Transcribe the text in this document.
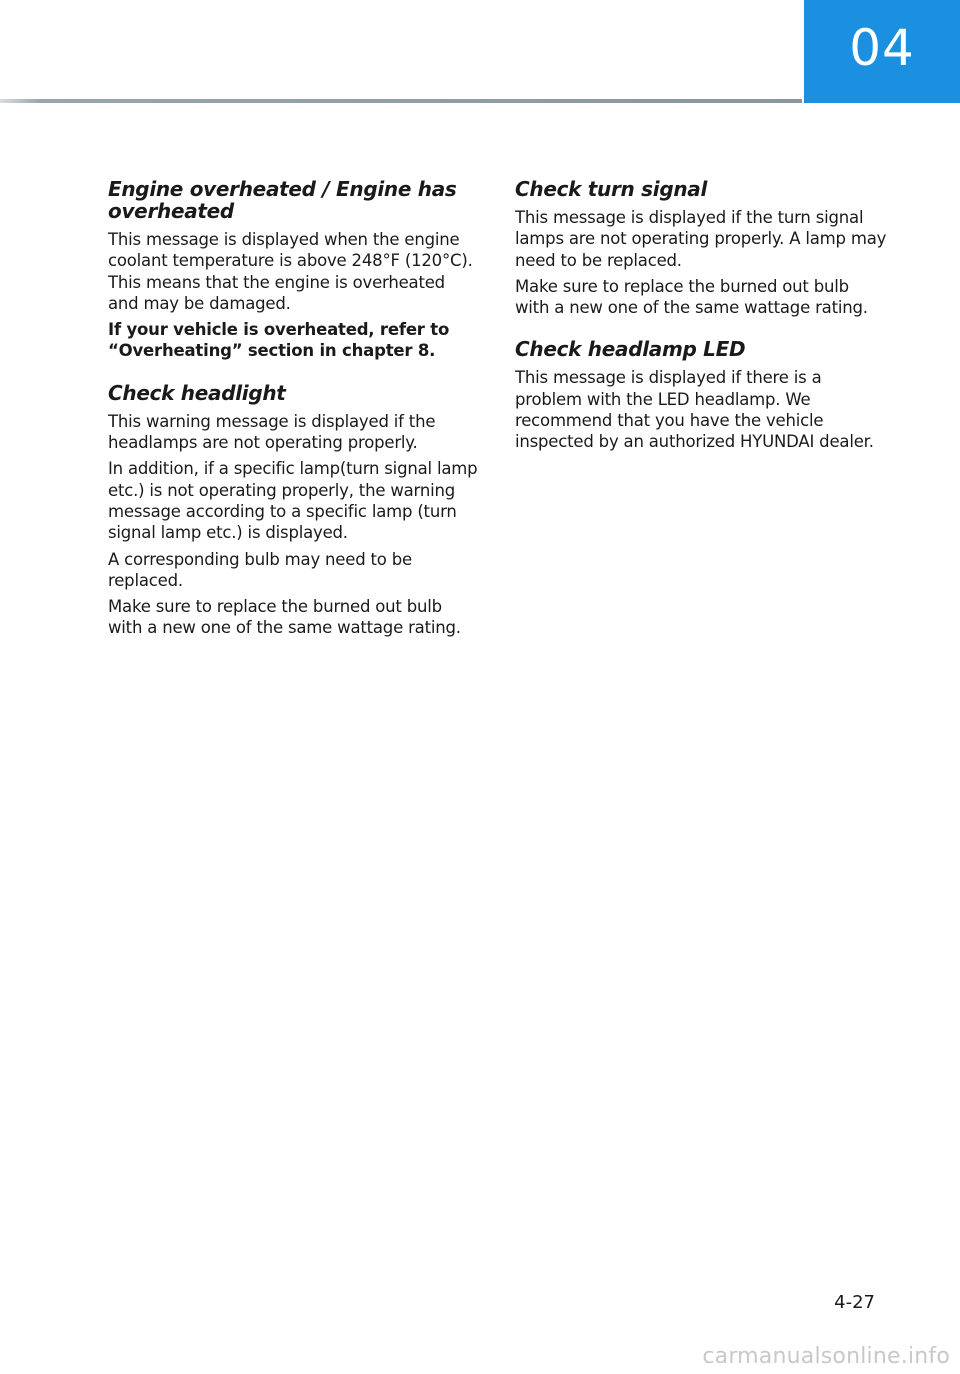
04
Engine overheated / Engine has overheated

This message is displayed when the engine coolant temperature is above 248°F (120°C). This means that the engine is overheated and may be damaged.

If your vehicle is overheated, refer to “Overheating” section in chapter 8.

Check headlight

This warning message is displayed if the headlamps are not operating properly.

In addition, if a specific lamp(turn signal lamp etc.) is not operating properly, the warning message according to a specific lamp (turn signal lamp etc.) is displayed.

A corresponding bulb may need to be replaced.

Make sure to replace the burned out bulb with a new one of the same wattage rating.

Check turn signal

This message is displayed if the turn signal lamps are not operating properly. A lamp may need to be replaced.

Make sure to replace the burned out bulb with a new one of the same wattage rating.

Check headlamp LED

This message is displayed if there is a problem with the LED headlamp. We recommend that you have the vehicle inspected by an authorized HYUNDAI dealer.

4-27
carmanualsonline.info
